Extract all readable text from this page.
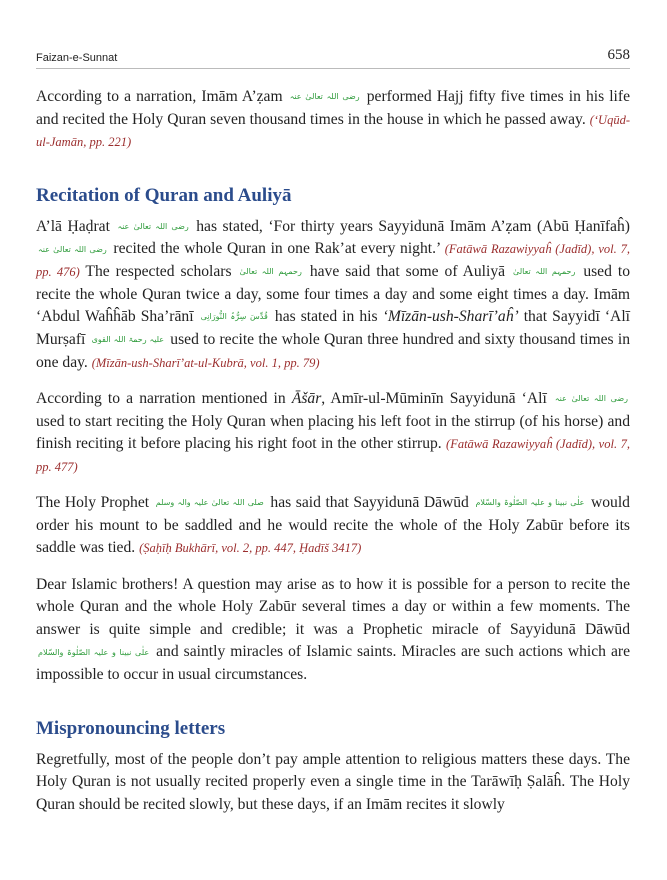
Faizan-e-Sunnat	658

According to a narration, Imām A’ẓam رضی اللہ تعالیٰ عنہ performed Hajj fifty five times in his life and recited the Holy Quran seven thousand times in the house in which he passed away. (‘Uqūd-ul-Jamān, pp. 221)

Recitation of Quran and Auliyā

A’lā Ḥaḍrat رضی اللہ تعالیٰ عنہ has stated, ‘For thirty years Sayyidunā Imām A’ẓam (Abū Ḥanīfaĥ) رضی اللہ تعالیٰ عنہ recited the whole Quran in one Rak’at every night.’ (Fatāwā Razawiyyaĥ (Jadīd), vol. 7, pp. 476) The respected scholars رحمہم اللہ تعالیٰ have said that some of Auliyā رحمہم اللہ تعالیٰ used to recite the whole Quran twice a day, some four times a day and some eight times a day. Imām ‘Abdul Waĥĥāb Sha’rānī قُدِّسَ سِرُّہُ النُّورَانِی has stated in his ‘Mīzān-ush-Sharī’aĥ’ that Sayyidī ‘Alī Murṣafī علیہ رحمۃ اللہ القوی used to recite the whole Quran three hundred and sixty thousand times in one day. (Mīzān-ush-Sharī’at-ul-Kubrā, vol. 1, pp. 79)

According to a narration mentioned in Āšār, Amīr-ul-Mūminīn Sayyidunā ‘Alī رضی اللہ تعالیٰ عنہ used to start reciting the Holy Quran when placing his left foot in the stirrup (of his horse) and finish reciting it before placing his right foot in the other stirrup. (Fatāwā Razawiyyaĥ (Jadīd), vol. 7, pp. 477)

The Holy Prophet صلی اللہ تعالیٰ علیہ والہ وسلم has said that Sayyidunā Dāwūd علٰی نبینا و علیہ الصّلٰوۃ والسّلام would order his mount to be saddled and he would recite the whole of the Holy Zabūr before its saddle was tied. (Ṣaḥīḥ Bukhārī, vol. 2, pp. 447, Ḥadīš 3417)

Dear Islamic brothers! A question may arise as to how it is possible for a person to recite the whole Quran and the whole Holy Zabūr several times a day or within a few moments. The answer is quite simple and credible; it was a Prophetic miracle of Sayyidunā Dāwūd علٰی نبینا و علیہ الصّلٰوۃ والسّلام and saintly miracles of Islamic saints. Miracles are such actions which are impossible to occur in usual circumstances.

Mispronouncing letters

Regretfully, most of the people don’t pay ample attention to religious matters these days. The Holy Quran is not usually recited properly even a single time in the Tarāwīḥ Ṣalāĥ. The Holy Quran should be recited slowly, but these days, if an Imām recites it slowly
